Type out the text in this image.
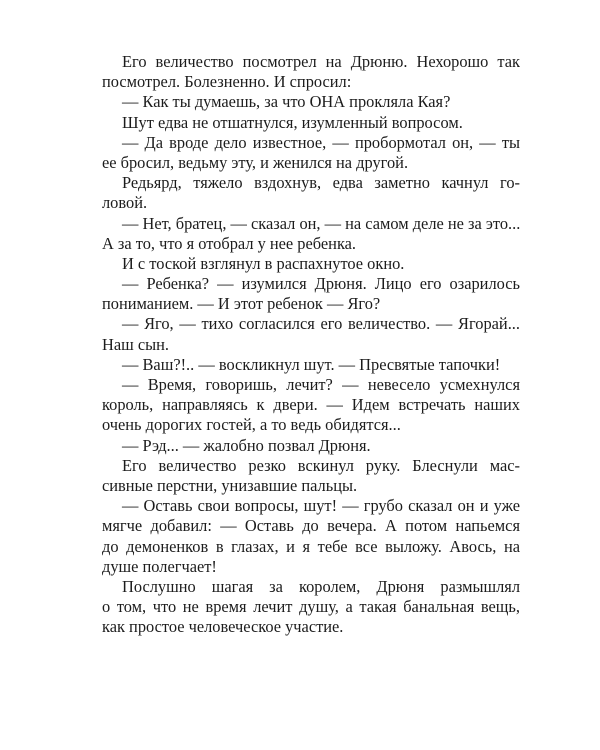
Его величество посмотрел на Дрюню. Нехорошо так
посмотрел. Болезненно. И спросил:
— Как ты думаешь, за что ОНА прокляла Кая?
Шут едва не отшатнулся, изумленный вопросом.
— Да вроде дело известное, — пробормотал он, — ты
ее бросил, ведьму эту, и женился на другой.
Редьярд, тяжело вздохнув, едва заметно качнул го-
ловой.
— Нет, братец, — сказал он, — на самом деле не за это...
А за то, что я отобрал у нее ребенка.
И с тоской взглянул в распахнутое окно.
— Ребенка? — изумился Дрюня. Лицо его озарилось
пониманием. — И этот ребенок — Яго?
— Яго, — тихо согласился его величество. — Ягорай...
Наш сын.
— Ваш?!.. — воскликнул шут. — Пресвятые тапочки!
— Время, говоришь, лечит? — невесело усмехнулся
король, направляясь к двери. — Идем встречать наших
очень дорогих гостей, а то ведь обидятся...
— Рэд... — жалобно позвал Дрюня.
Его величество резко вскинул руку. Блеснули мас-
сивные перстни, унизавшие пальцы.
— Оставь свои вопросы, шут! — грубо сказал он и уже
мягче добавил: — Оставь до вечера. А потом напьемся
до демоненков в глазах, и я тебе все выложу. Авось, на
душе полегчает!
Послушно шагая за королем, Дрюня размышлял
о том, что не время лечит душу, а такая банальная вещь,
как простое человеческое участие.
